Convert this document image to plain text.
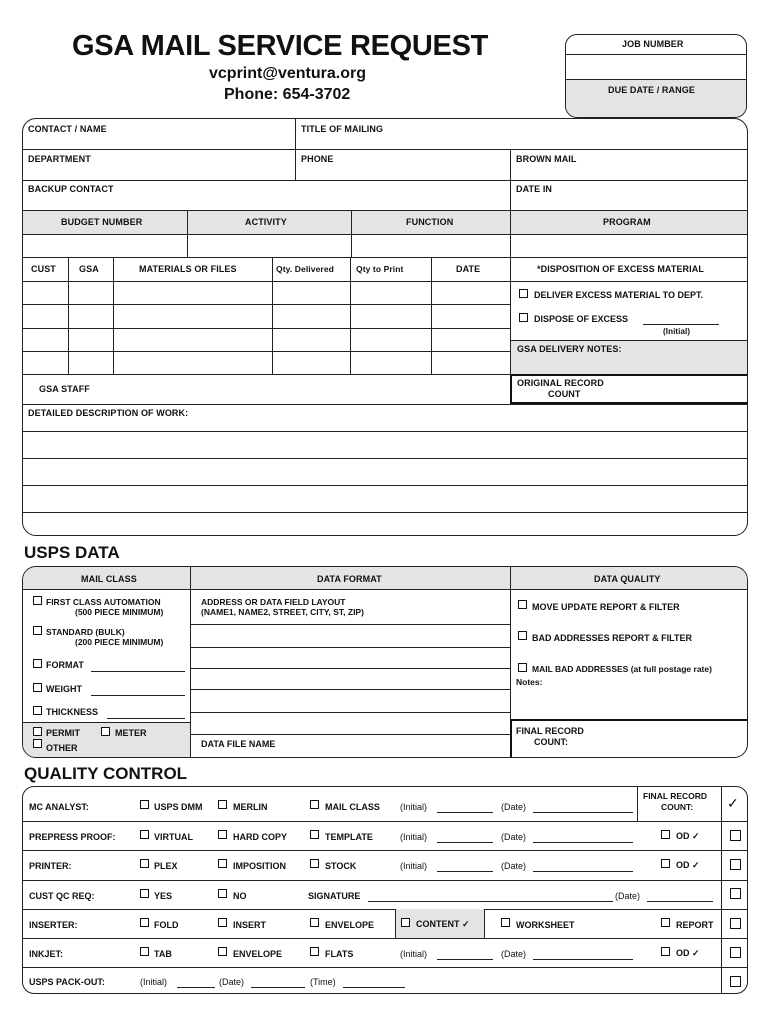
GSA MAIL SERVICE REQUEST
vcprint@ventura.org
Phone: 654-3702
JOB NUMBER
DUE DATE / RANGE
CONTACT / NAME	TITLE OF MAILING
DEPARTMENT	PHONE	BROWN MAIL
BACKUP CONTACT	DATE IN
BUDGET NUMBER	ACTIVITY	FUNCTION	PROGRAM
CUST	GSA	MATERIALS OR FILES	Qty. Delivered	Qty to Print	DATE	*DISPOSITION OF EXCESS MATERIAL
DELIVER EXCESS MATERIAL TO DEPT.
DISPOSE OF EXCESS
(Initial)
GSA DELIVERY NOTES:
GSA STAFF
ORIGINAL RECORD
COUNT
DETAILED DESCRIPTION OF WORK:
USPS DATA
MAIL CLASS	DATA FORMAT	DATA QUALITY
FIRST CLASS AUTOMATION
(500 PIECE MINIMUM)
STANDARD (BULK)
(200 PIECE MINIMUM)
FORMAT
WEIGHT
THICKNESS
PERMIT	METER
OTHER
ADDRESS OR DATA FIELD LAYOUT
(NAME1, NAME2, STREET, CITY, ST, ZIP)
DATA FILE NAME
MOVE UPDATE REPORT & FILTER
BAD ADDRESSES REPORT & FILTER
MAIL BAD ADDRESSES (at full postage rate)
Notes:
FINAL RECORD
COUNT:
QUALITY CONTROL
FINAL RECORD
COUNT: ✓
MC ANALYST:	USPS DMM	MERLIN	MAIL CLASS (Initial)	(Date)
PREPRESS PROOF:	VIRTUAL	HARD COPY	TEMPLATE	(Initial)	(Date)	OD ✓
PRINTER:	PLEX	IMPOSITION	STOCK	(Initial)	(Date)	OD ✓
CUST QC REQ:	YES	NO	SIGNATURE	(Date)
INSERTER:	FOLD	INSERT	ENVELOPE	CONTENT ✓	WORKSHEET	REPORT
INKJET:	TAB	ENVELOPE	FLATS	(Initial)	(Date)	OD ✓
USPS PACK-OUT:	(Initial)	(Date)	(Time)
